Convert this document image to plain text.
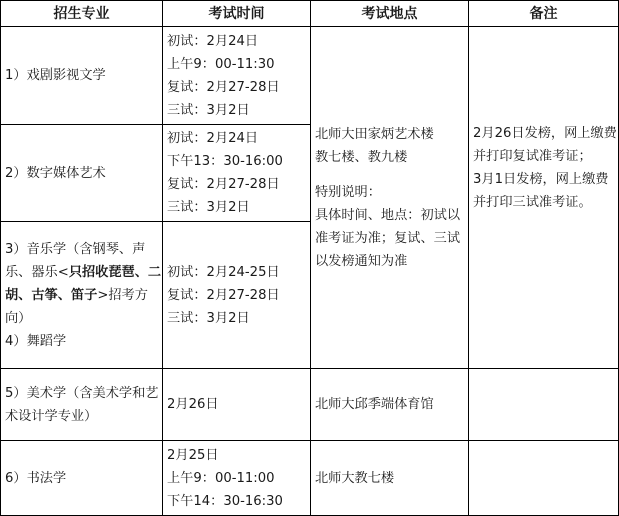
招生专业	考试时间	考试地点	备注
1）戏剧影视文学	初试：2月24日
上午9：00-11:30
复试：2月27-28日
三试：3月2日	北师大田家炳艺术楼
教七楼、教九楼
特别说明：
具体时间、地点：初试以准考证为准；复试、三试以发榜通知为准	2月26日发榜，网上缴费并打印复试准考证；
3月1日发榜，网上缴费并打印三试准考证。

2）数字媒体艺术	初试：2月24日
下午13：30-16:00
复试：2月27-28日
三试：3月2日		

3）音乐学（含钢琴、声乐、器乐<只招收琵琶、二胡、古筝、笛子>招考方向）
4）舞蹈学	初试：2月24-25日
复试：2月27-28日
三试：3月2日		

5）美术学（含美术学和艺术设计学专业）	2月26日	北师大邱季端体育馆	

6）书法学	2月25日
上午9：00-11:00
下午14：30-16:30	北师大教七楼	
